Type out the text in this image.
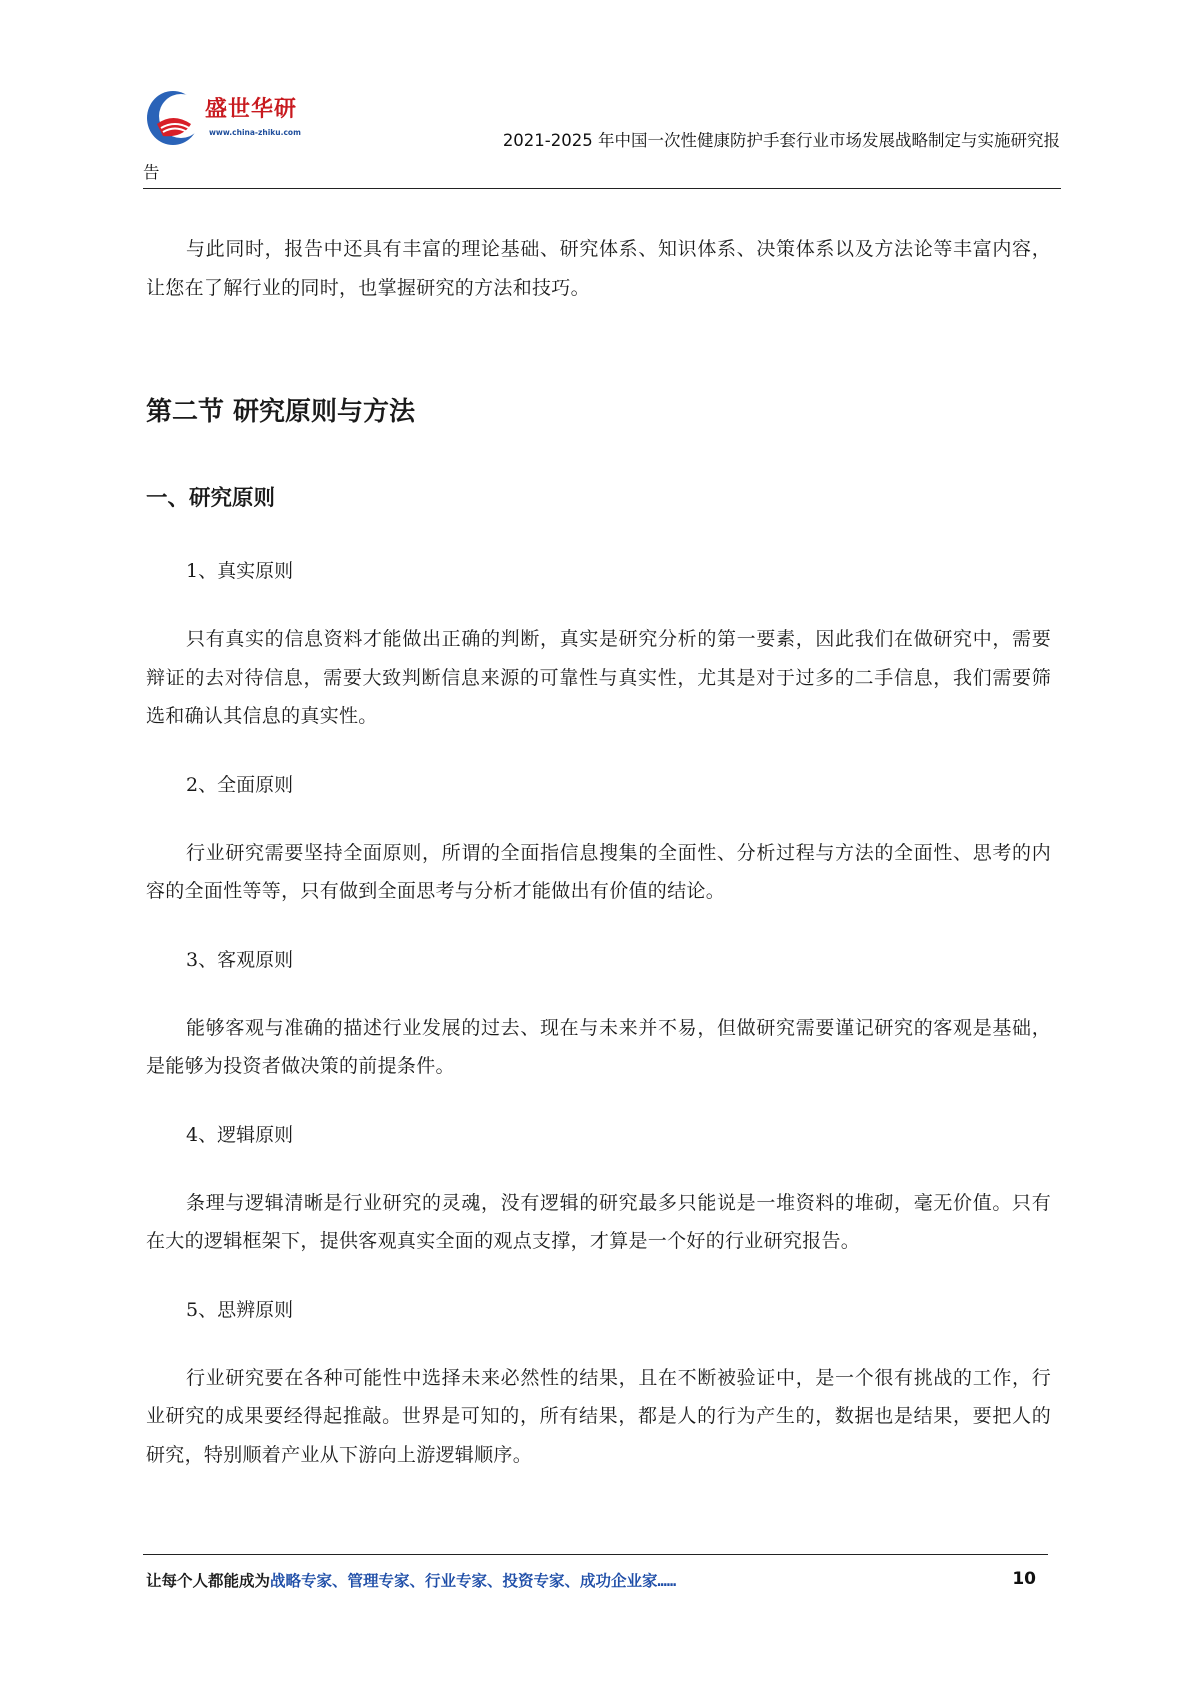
盛世华研
www.china-zhiku.com	2021-2025 年中国一次性健康防护手套行业市场发展战略制定与实施研究报
告

与此同时，报告中还具有丰富的理论基础、研究体系、知识体系、决策体系以及方法论等丰富内容，让您在了解行业的同时，也掌握研究的方法和技巧。

第二节 研究原则与方法
一、研究原则
1、真实原则

只有真实的信息资料才能做出正确的判断，真实是研究分析的第一要素，因此我们在做研究中，需要辩证的去对待信息，需要大致判断信息来源的可靠性与真实性，尤其是对于过多的二手信息，我们需要筛选和确认其信息的真实性。

2、全面原则

行业研究需要坚持全面原则，所谓的全面指信息搜集的全面性、分析过程与方法的全面性、思考的内容的全面性等等，只有做到全面思考与分析才能做出有价值的结论。

3、客观原则

能够客观与准确的描述行业发展的过去、现在与未来并不易，但做研究需要谨记研究的客观是基础，是能够为投资者做决策的前提条件。

4、逻辑原则

条理与逻辑清晰是行业研究的灵魂，没有逻辑的研究最多只能说是一堆资料的堆砌，毫无价值。只有在大的逻辑框架下，提供客观真实全面的观点支撑，才算是一个好的行业研究报告。

5、思辨原则

行业研究要在各种可能性中选择未来必然性的结果，且在不断被验证中，是一个很有挑战的工作，行业研究的成果要经得起推敲。世界是可知的，所有结果，都是人的行为产生的，数据也是结果，要把人的研究，特别顺着产业从下游向上游逻辑顺序。

让每个人都能成为战略专家、管理专家、行业专家、投资专家、成功企业家……	10
